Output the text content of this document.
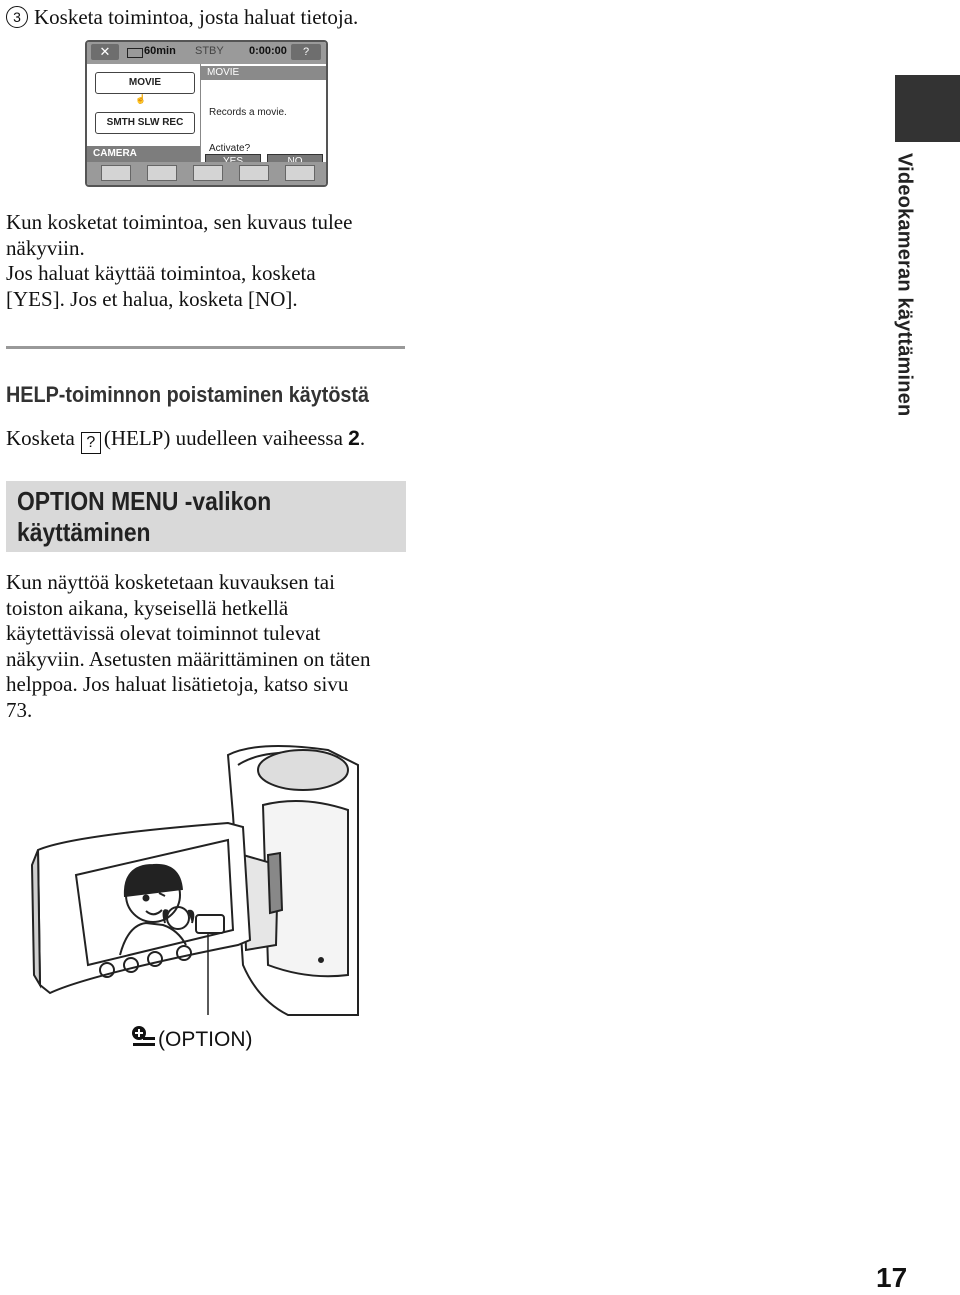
3 Kosketa toimintoa, josta haluat tietoja.
✕	60min STBY 0:00:00	?
MOVIE
SMTH SLW REC
☝
CAMERA
MOVIE
Records a movie.
Activate?
Kun kosketat toimintoa, sen kuvaus tulee
näkyviin.
Jos haluat käyttää toimintoa, kosketa
[YES]. Jos et halua, kosketa [NO].
HELP-toiminnon poistaminen käytöstä
Kosketa ? (HELP) uudelleen vaiheessa 2.
OPTION MENU -valikon
käyttäminen
Kun näyttöä kosketetaan kuvauksen tai
toiston aikana, kyseisellä hetkellä
käytettävissä olevat toiminnot tulevat
näkyviin. Asetusten määrittäminen on täten
helppoa. Jos haluat lisätietoja, katso sivu
73.
(OPTION)
Videokameran käyttäminen
17
